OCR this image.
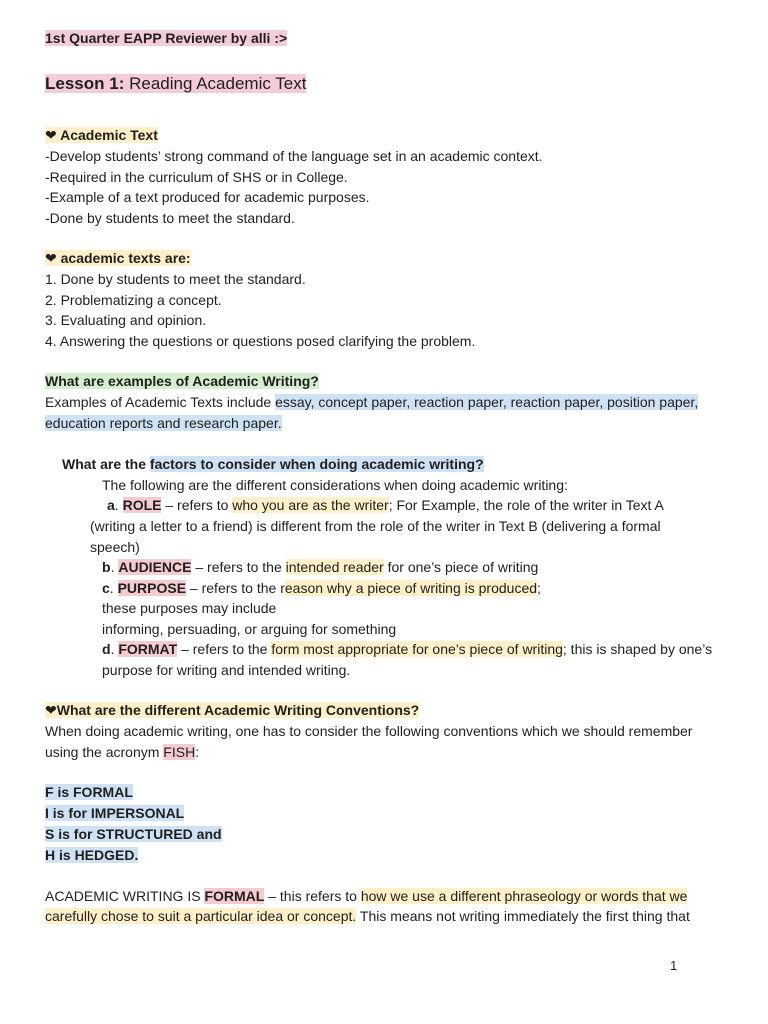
1st Quarter EAPP Reviewer by alli :>
Lesson 1: Reading Academic Text
❤ Academic Text
-Develop students’ strong command of the language set in an academic context.
-Required in the curriculum of SHS or in College.
-Example of a text produced for academic purposes.
-Done by students to meet the standard.
❤ academic texts are:
1. Done by students to meet the standard.
2. Problematizing a concept.
3. Evaluating and opinion.
4. Answering the questions or questions posed clarifying the problem.
What are examples of Academic Writing?
Examples of Academic Texts include essay, concept paper, reaction paper, reaction paper, position paper,
education reports and research paper.
What are the factors to consider when doing academic writing?
The following are the different considerations when doing academic writing:
a. ROLE – refers to who you are as the writer; For Example, the role of the writer in Text A
(writing a letter to a friend) is different from the role of the writer in Text B (delivering a formal
speech)
b. AUDIENCE – refers to the intended reader for one’s piece of writing
c. PURPOSE – refers to the reason why a piece of writing is produced;
these purposes may include
informing, persuading, or arguing for something
d. FORMAT – refers to the form most appropriate for one’s piece of writing; this is shaped by one’s
purpose for writing and intended writing.
❤What are the different Academic Writing Conventions?
When doing academic writing, one has to consider the following conventions which we should remember
using the acronym FISH:
F is FORMAL
I is for IMPERSONAL
S is for STRUCTURED and
H is HEDGED.
ACADEMIC WRITING IS FORMAL – this refers to how we use a different phraseology or words that we
carefully chose to suit a particular idea or concept. This means not writing immediately the first thing that
1
